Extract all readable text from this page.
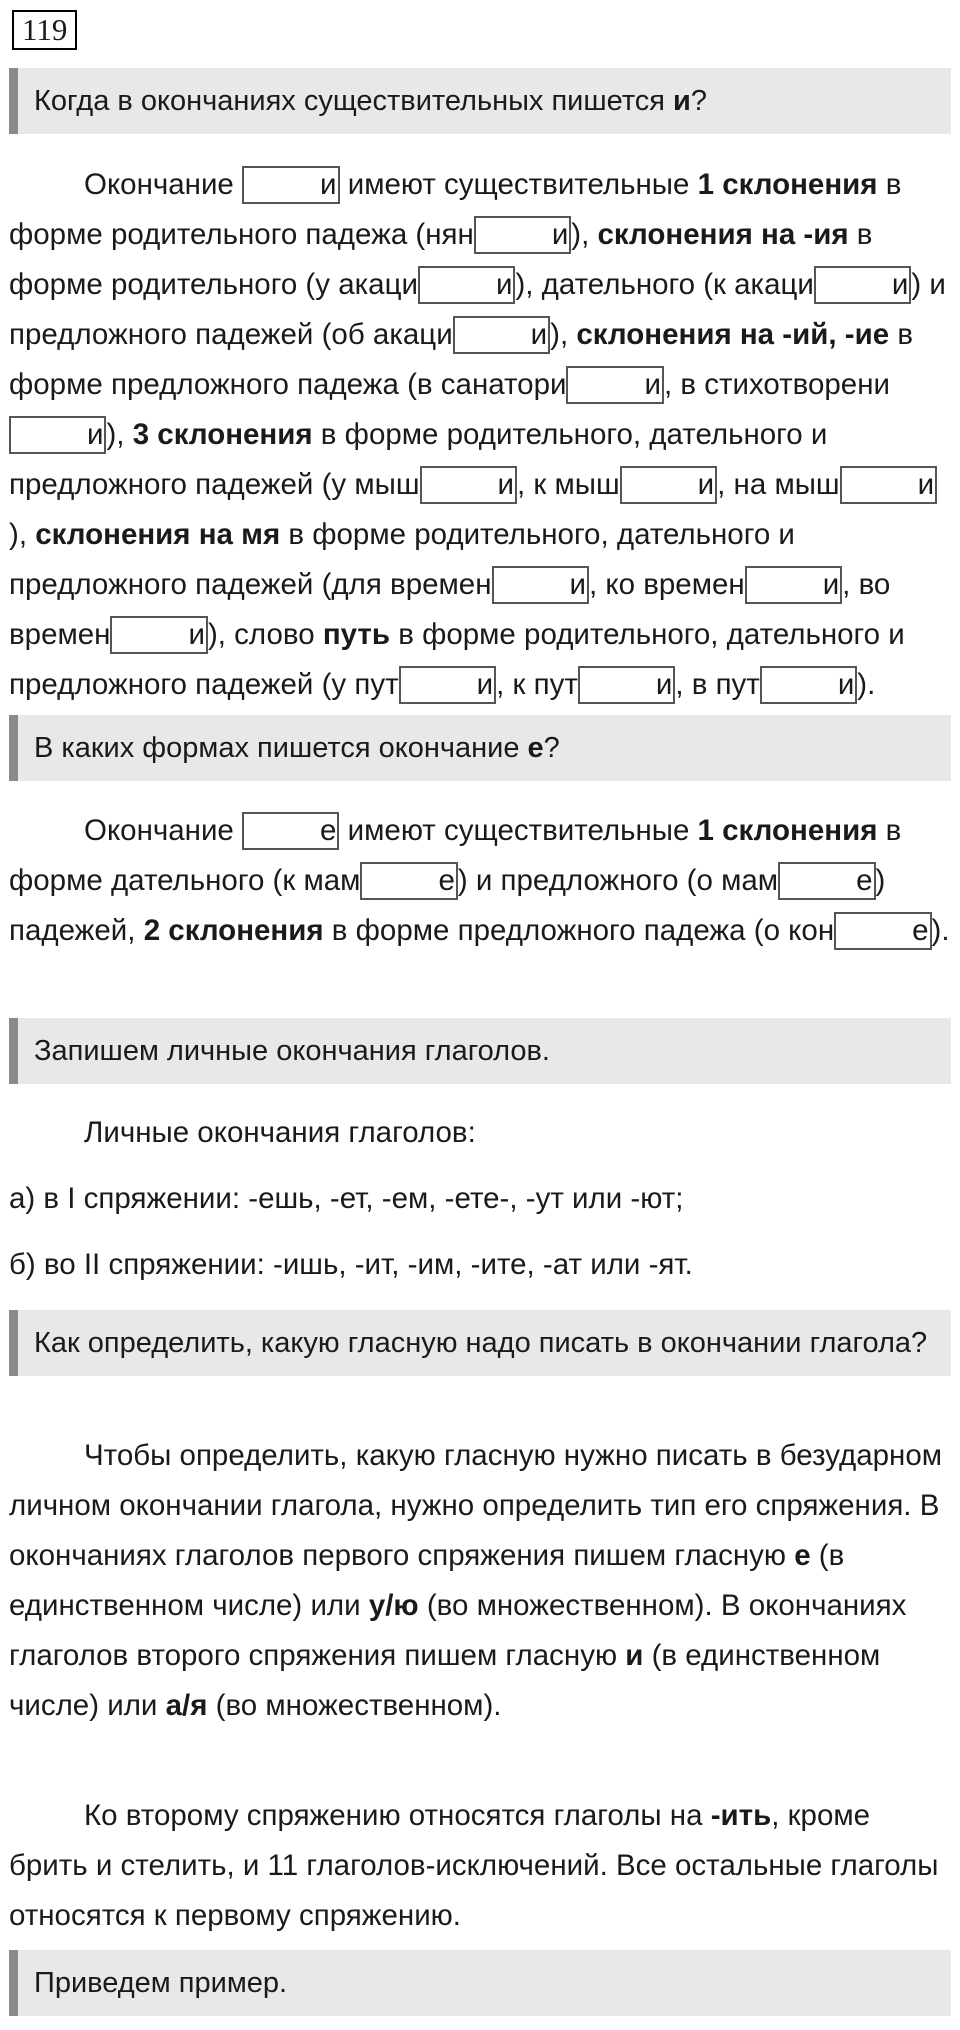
119
Когда в окончаниях существительных пишется и?

Окончание	и имеют существительные 1 склонения в форме родительного падежа (нян	и ), склонения на -ия в форме родительного (у акаци	и ), дательного (к акаци	и ) и предложного падежей (об акаци	и ), склонения на -ий, -ие в форме предложного падежа (в санатори	и , в стихотворении ), 3 склонения в форме родительного, дательного и предложного падежей (у мыш	и , к мыш	и , на мыш	и), склонения на мя в форме родительного, дательного и предложного падежей (для времен	и , ко времен	и , во времен	и ), слово путь в форме родительного, дательного и предложного падежей (у пут	и , к пут	и , в пут	и ).

В каких формах пишется окончание е?

Окончание	е имеют существительные 1 склонения в форме дательного (к мам	е ) и предложного (о мам	е ) падежей, 2 склонения в форме предложного падежа (о кон	е ).

Запишем личные окончания глаголов.

Личные окончания глаголов:

а) в I спряжении: -ешь, -ет, -ем, -ете-, -ут или -ют;

б) во II спряжении: -ишь, -ит, -им, -ите, -ат или -ят.

Как определить, какую гласную надо писать в окончании глагола?

Чтобы определить, какую гласную нужно писать в безударном личном окончании глагола, нужно определить тип его спряжения. В окончаниях глаголов первого спряжения пишем гласную е (в единственном числе) или у/ю (во множественном). В окончаниях глаголов второго спряжения пишем гласную и (в единственном числе) или а/я (во множественном).

Ко второму спряжению относятся глаголы на -ить, кроме брить и стелить, и 11 глаголов-исключений. Все остальные глаголы относятся к первому спряжению.

Приведем пример.
